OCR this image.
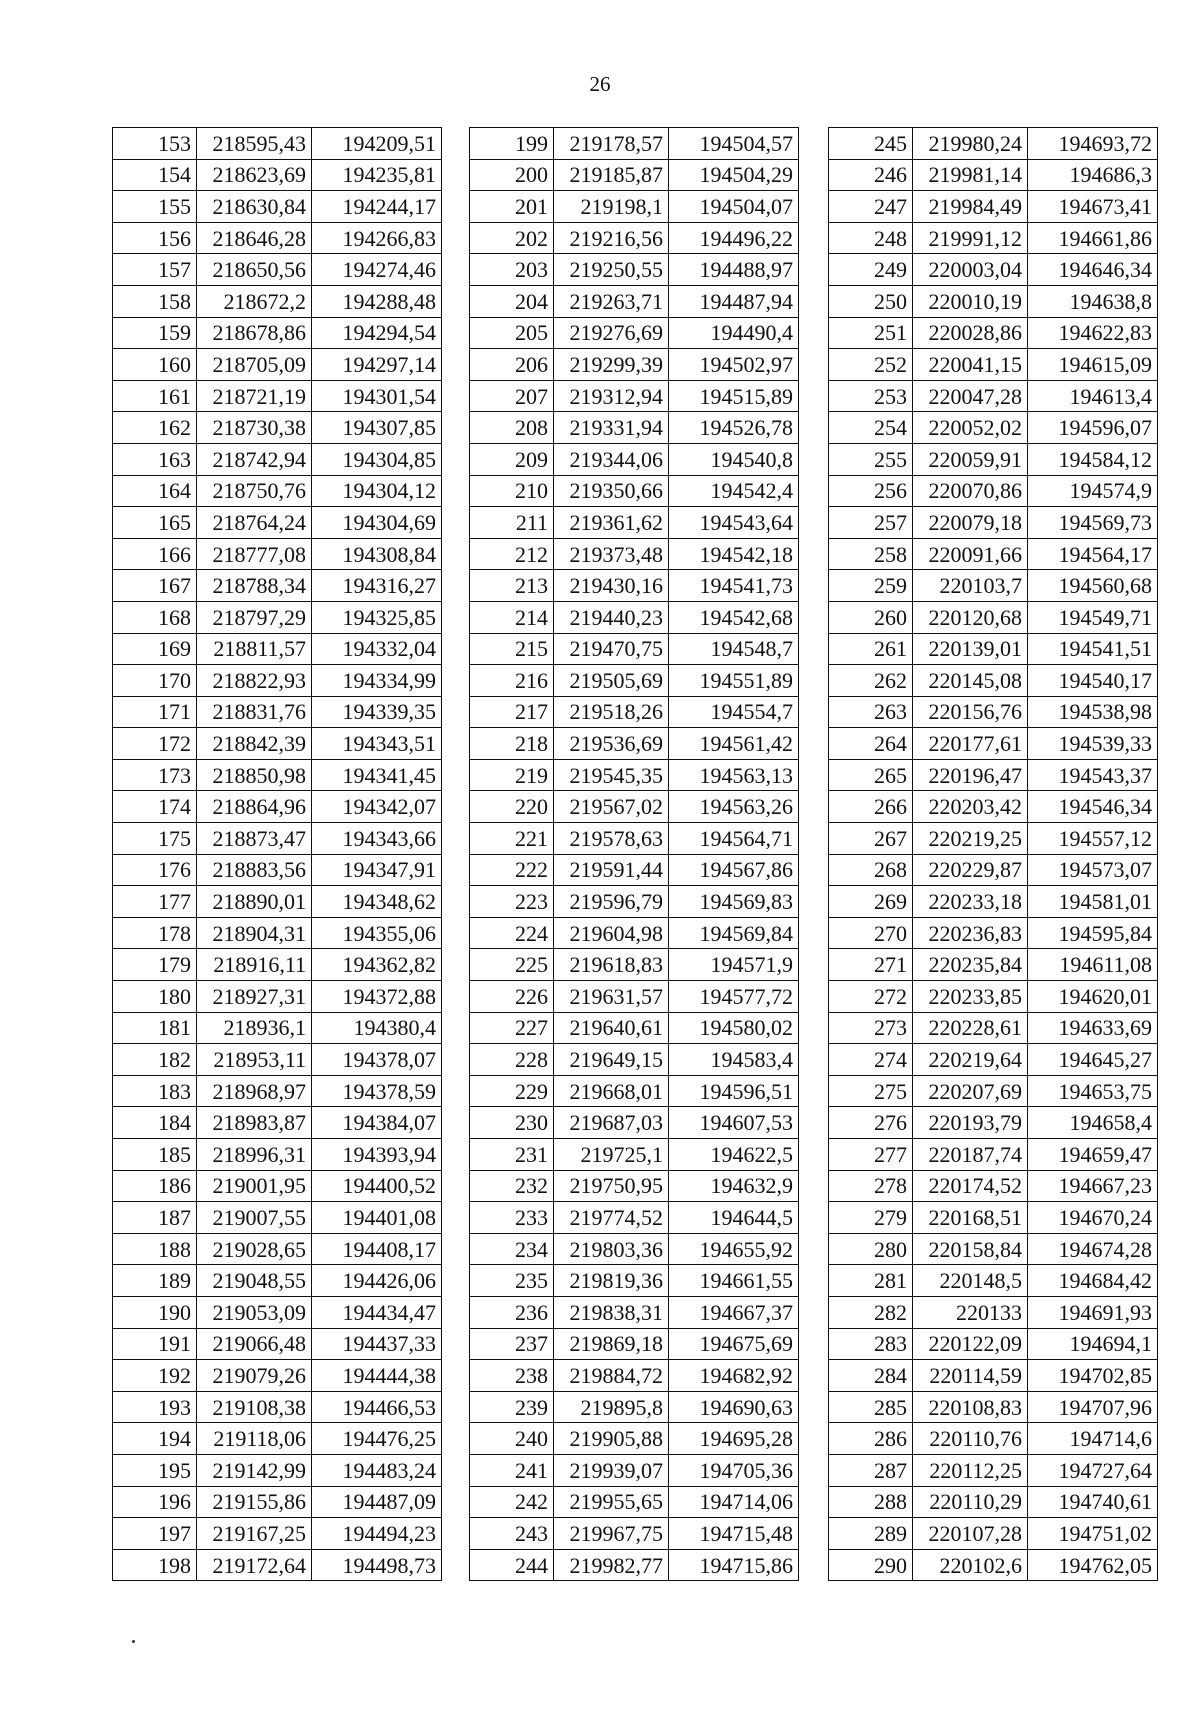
26
153	218595,43	194209,51
154	218623,69	194235,81
155	218630,84	194244,17
156	218646,28	194266,83
157	218650,56	194274,46
158	218672,2	194288,48
159	218678,86	194294,54
160	218705,09	194297,14
161	218721,19	194301,54
162	218730,38	194307,85
163	218742,94	194304,85
164	218750,76	194304,12
165	218764,24	194304,69
166	218777,08	194308,84
167	218788,34	194316,27
168	218797,29	194325,85
169	218811,57	194332,04
170	218822,93	194334,99
171	218831,76	194339,35
172	218842,39	194343,51
173	218850,98	194341,45
174	218864,96	194342,07
175	218873,47	194343,66
176	218883,56	194347,91
177	218890,01	194348,62
178	218904,31	194355,06
179	218916,11	194362,82
180	218927,31	194372,88
181	218936,1	194380,4
182	218953,11	194378,07
183	218968,97	194378,59
184	218983,87	194384,07
185	218996,31	194393,94
186	219001,95	194400,52
187	219007,55	194401,08
188	219028,65	194408,17
189	219048,55	194426,06
190	219053,09	194434,47
191	219066,48	194437,33
192	219079,26	194444,38
193	219108,38	194466,53
194	219118,06	194476,25
195	219142,99	194483,24
196	219155,86	194487,09
197	219167,25	194494,23
198	219172,64	194498,73
199	219178,57	194504,57
200	219185,87	194504,29
201	219198,1	194504,07
202	219216,56	194496,22
203	219250,55	194488,97
204	219263,71	194487,94
205	219276,69	194490,4
206	219299,39	194502,97
207	219312,94	194515,89
208	219331,94	194526,78
209	219344,06	194540,8
210	219350,66	194542,4
211	219361,62	194543,64
212	219373,48	194542,18
213	219430,16	194541,73
214	219440,23	194542,68
215	219470,75	194548,7
216	219505,69	194551,89
217	219518,26	194554,7
218	219536,69	194561,42
219	219545,35	194563,13
220	219567,02	194563,26
221	219578,63	194564,71
222	219591,44	194567,86
223	219596,79	194569,83
224	219604,98	194569,84
225	219618,83	194571,9
226	219631,57	194577,72
227	219640,61	194580,02
228	219649,15	194583,4
229	219668,01	194596,51
230	219687,03	194607,53
231	219725,1	194622,5
232	219750,95	194632,9
233	219774,52	194644,5
234	219803,36	194655,92
235	219819,36	194661,55
236	219838,31	194667,37
237	219869,18	194675,69
238	219884,72	194682,92
239	219895,8	194690,63
240	219905,88	194695,28
241	219939,07	194705,36
242	219955,65	194714,06
243	219967,75	194715,48
244	219982,77	194715,86
245	219980,24	194693,72
246	219981,14	194686,3
247	219984,49	194673,41
248	219991,12	194661,86
249	220003,04	194646,34
250	220010,19	194638,8
251	220028,86	194622,83
252	220041,15	194615,09
253	220047,28	194613,4
254	220052,02	194596,07
255	220059,91	194584,12
256	220070,86	194574,9
257	220079,18	194569,73
258	220091,66	194564,17
259	220103,7	194560,68
260	220120,68	194549,71
261	220139,01	194541,51
262	220145,08	194540,17
263	220156,76	194538,98
264	220177,61	194539,33
265	220196,47	194543,37
266	220203,42	194546,34
267	220219,25	194557,12
268	220229,87	194573,07
269	220233,18	194581,01
270	220236,83	194595,84
271	220235,84	194611,08
272	220233,85	194620,01
273	220228,61	194633,69
274	220219,64	194645,27
275	220207,69	194653,75
276	220193,79	194658,4
277	220187,74	194659,47
278	220174,52	194667,23
279	220168,51	194670,24
280	220158,84	194674,28
281	220148,5	194684,42
282	220133	194691,93
283	220122,09	194694,1
284	220114,59	194702,85
285	220108,83	194707,96
286	220110,76	194714,6
287	220112,25	194727,64
288	220110,29	194740,61
289	220107,28	194751,02
290	220102,6	194762,05
